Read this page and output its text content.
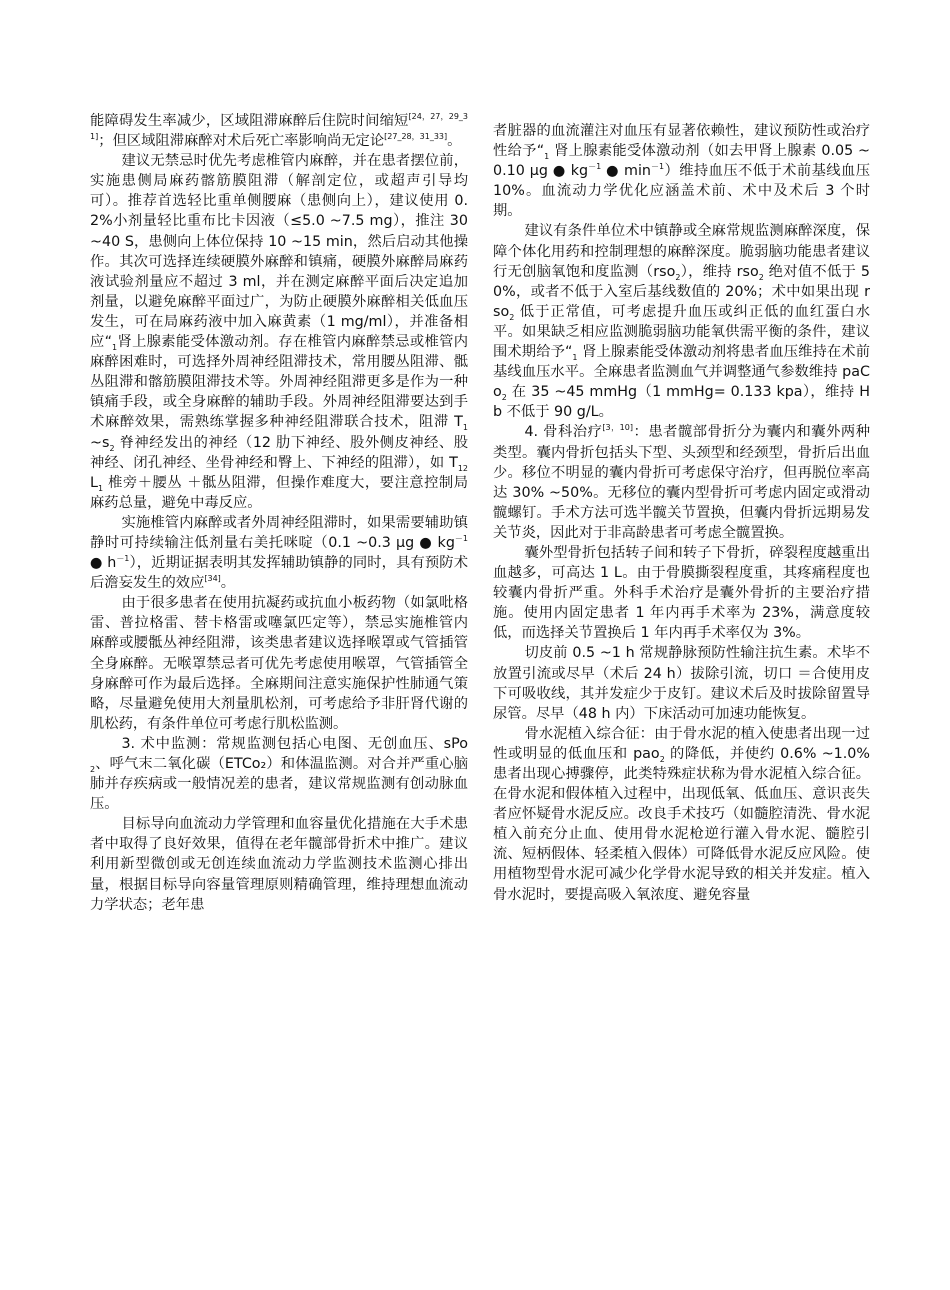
能障碍发生率减少，区域阻滞麻醉后住院时间缩短[24，27，29_31]；但区域阻滞麻醉对术后死亡率影响尚无定论[27_28，31_33]。

建议无禁忌时优先考虑椎管内麻醉，并在患者摆位前，实施患侧局麻药髂筋膜阻滞（解剖定位，或超声引导均可）。推荐首选轻比重单侧腰麻（患侧向上），建议使用 0.2%小剂量轻比重布比卡因液（≤5.0 ~7.5 mg），推注 30 ~40 S，患侧向上体位保持 10 ~15 min，然后启动其他操作。其次可选择连续硬膜外麻醉和镇痛，硬膜外麻醉局麻药液试验剂量应不超过 3 ml，并在测定麻醉平面后决定追加剂量，以避免麻醉平面过广，为防止硬膜外麻醉相关低血压发生，可在局麻药液中加入麻黄素（1 mg/ml），并准备相应“$_1$肾上腺素能受体激动剂。存在椎管内麻醉禁忌或椎管内麻醉困难时，可选择外周神经阻滞技术，常用腰丛阻滞、骶丛阻滞和髂筋膜阻滞技术等。外周神经阻滞更多是作为一种镇痛手段，或全身麻醉的辅助手段。外周神经阻滞要达到手术麻醉效果，需熟练掌握多种神经阻滞联合技术，阻滞 $T_1$ $\sim s_2$ 脊神经发出的神经（12 肋下神经、股外侧皮神经、股神经、闭孔神经、坐骨神经和臀上、下神经的阻滞），如 $T_{12}L_1$ 椎旁＋腰丛 ＋骶丛阻滞，但操作难度大，要注意控制局麻药总量，避免中毒反应。

实施椎管内麻醉或者外周神经阻滞时，如果需要辅助镇静时可持续输注低剂量右美托咪啶（0.1 ~0.3 μg ● $kg^{-1}$ ● $h^{-1}$），近期证据表明其发挥辅助镇静的同时，具有预防术后澹妄发生的效应[34]。

由于很多患者在使用抗凝药或抗血小板药物（如氯吡格雷、普拉格雷、替卡格雷或噻氯匹定等），禁忌实施椎管内麻醉或腰骶丛神经阻滞，该类患者建议选择喉罩或气管插管全身麻醉。无喉罩禁忌者可优先考虑使用喉罩，气管插管全身麻醉可作为最后选择。全麻期间注意实施保护性肺通气策略，尽量避免使用大剂量肌松剂，可考虑给予非肝肾代谢的肌松药，有条件单位可考虑行肌松监测。

3. 术中监测：常规监测包括心电图、无创血压、sPo$_2$、呼气末二氧化碳（ETCo₂）和体温监测。对合并严重心脑肺并存疾病或一般情况差的患者，建议常规监测有创动脉血压。

目标导向血流动力学管理和血容量优化措施在大手术患者中取得了良好效果，值得在老年髋部骨折术中推广。建议利用新型微创或无创连续血流动力学监测技术监测心排出量，根据目标导向容量管理原则精确管理，维持理想血流动力学状态；老年患

者脏器的血流灌注对血压有显著依赖性，建议预防性或治疗性给予“$_1$ 肾上腺素能受体激动剂（如去甲肾上腺素 0.05 ~0.10 μg ● $kg^{-1}$ ● $\min^{-1}$）维持血压不低于术前基线血压 10%。血流动力学优化应涵盖术前、术中及术后 3 个时期。

建议有条件单位术中镇静或全麻常规监测麻醉深度，保障个体化用药和控制理想的麻醉深度。脆弱脑功能患者建议行无创脑氧饱和度监测（rso$_2$），维持 rso$_2$ 绝对值不低于 50%，或者不低于入室后基线数值的 20%；术中如果出现 rso$_2$ 低于正常值，可考虑提升血压或纠正低的血红蛋白水平。如果缺乏相应监测脆弱脑功能氧供需平衡的条件，建议围术期给予“$_1$ 肾上腺素能受体激动剂将患者血压维持在术前基线血压水平。全麻患者监测血气并调整通气参数维持 paCo$_2$ 在 35 ~45 mmHg（1 mmHg= 0.133 kpa），维持 Hb 不低于 90 g/L。

4. 骨科治疗[3，10]：患者髋部骨折分为囊内和囊外两种类型。囊内骨折包括头下型、头颈型和经颈型，骨折后出血少。移位不明显的囊内骨折可考虑保守治疗，但再脱位率高达 30% ~50%。无移位的囊内型骨折可考虑内固定或滑动髋螺钉。手术方法可选半髋关节置换，但囊内骨折远期易发关节炎，因此对于非高龄患者可考虑全髋置换。

囊外型骨折包括转子间和转子下骨折，碎裂程度越重出血越多，可高达 1 L。由于骨膜撕裂程度重，其疼痛程度也较囊内骨折严重。外科手术治疗是囊外骨折的主要治疗措施。使用内固定患者 1 年内再手术率为 23%，满意度较低，而选择关节置换后 1 年内再手术率仅为 3%。

切皮前 0.5 ~1 h 常规静脉预防性输注抗生素。术毕不放置引流或尽早（术后 24 h）拔除引流，切口 ＝合使用皮下可吸收线，其并发症少于皮钉。建议术后及时拔除留置导尿管。尽早（48 h 内）下床活动可加速功能恢复。

骨水泥植入综合征：由于骨水泥的植入使患者出现一过性或明显的低血压和 pao$_2$ 的降低，并使约 0.6% ~1.0%患者出现心搏骤停，此类特殊症状称为骨水泥植入综合征。在骨水泥和假体植入过程中，出现低氧、低血压、意识丧失者应怀疑骨水泥反应。改良手术技巧（如髓腔清洗、骨水泥植入前充分止血、使用骨水泥枪逆行灌入骨水泥、髓腔引流、短柄假体、轻柔植入假体）可降低骨水泥反应风险。使用植物型骨水泥可减少化学骨水泥导致的相关并发症。植入骨水泥时，要提高吸入氧浓度、避免容量
